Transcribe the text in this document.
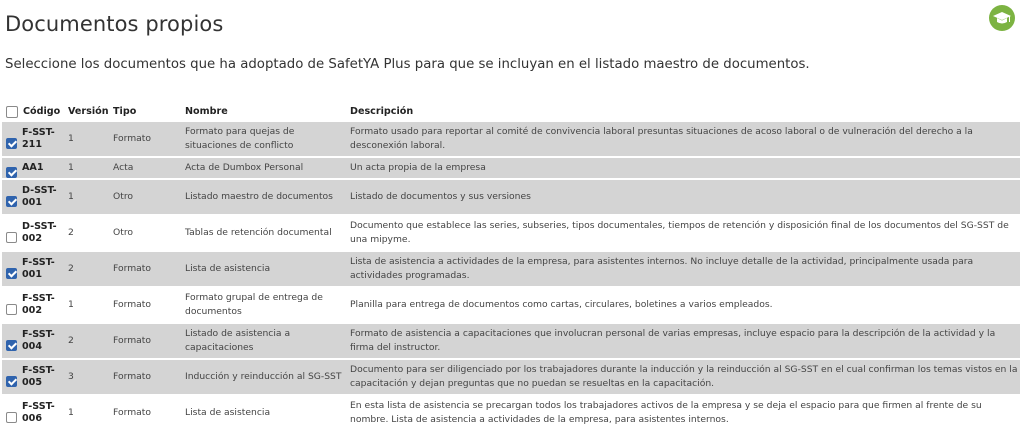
Documentos propios

Seleccione los documentos que ha adoptado de SafetYA Plus para que se incluyan en el listado maestro de documentos.

Código	Versión	Tipo	Nombre	Descripción

F-SST-211	1	Formato	Formato para quejas de situaciones de conflicto	Formato usado para reportar al comité de convivencia laboral presuntas situaciones de acoso laboral o de vulneración del derecho a la desconexión laboral.

AA1	1	Acta	Acta de Dumbox Personal	Un acta propia de la empresa

D-SST-001	1	Otro	Listado maestro de documentos	Listado de documentos y sus versiones

D-SST-002	2	Otro	Tablas de retención documental	Documento que establece las series, subseries, tipos documentales, tiempos de retención y disposición final de los documentos del SG-SST de una mipyme.

F-SST-001	2	Formato	Lista de asistencia	Lista de asistencia a actividades de la empresa, para asistentes internos. No incluye detalle de la actividad, principalmente usada para actividades programadas.

F-SST-002	1	Formato	Formato grupal de entrega de documentos	Planilla para entrega de documentos como cartas, circulares, boletines a varios empleados.

F-SST-004	2	Formato	Listado de asistencia a capacitaciones	Formato de asistencia a capacitaciones que involucran personal de varias empresas, incluye espacio para la descripción de la actividad y la firma del instructor.

F-SST-005	3	Formato	Inducción y reinducción al SG-SST	Documento para ser diligenciado por los trabajadores durante la inducción y la reinducción al SG-SST en el cual confirman los temas vistos en la capacitación y dejan preguntas que no puedan se resueltas en la capacitación.

F-SST-006	1	Formato	Lista de asistencia	En esta lista de asistencia se precargan todos los trabajadores activos de la empresa y se deja el espacio para que firmen al frente de su nombre. Lista de asistencia a actividades de la empresa, para asistentes internos.
